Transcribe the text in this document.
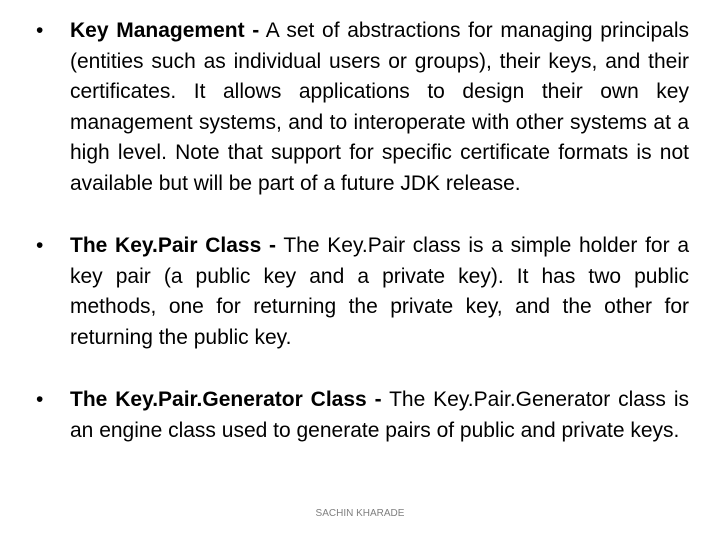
• Key Management - A set of abstractions for managing principals (entities such as individual users or groups), their keys, and their certificates. It allows applications to design their own key management systems, and to interoperate with other systems at a high level. Note that support for specific certificate formats is not available but will be part of a future JDK release.
• The Key.Pair Class - The Key.Pair class is a simple holder for a key pair (a public key and a private key). It has two public methods, one for returning the private key, and the other for returning the public key.
• The Key.Pair.Generator Class - The Key.Pair.Generator class is an engine class used to generate pairs of public and private keys.
SACHIN KHARADE
